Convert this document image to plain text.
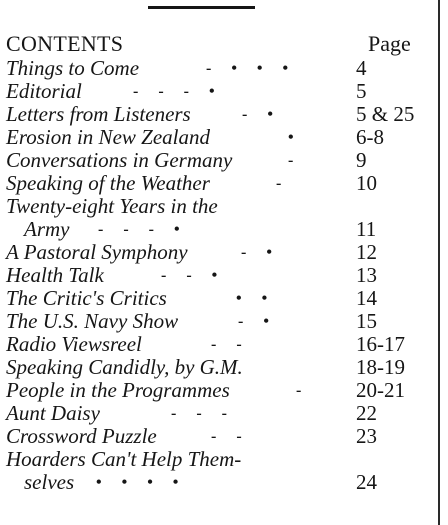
CONTENTS	Page
Things to Come	-     •     •     •	4
Editorial	-     -     -     •	5
Letters from Listeners	-     •	5 & 25
Erosion in New Zealand	•	6-8
Conversations in Germany	-	9
Speaking of the Weather	-	10
Twenty-eight Years in the
Army -     -     -     •	11
A Pastoral Symphony	-     •	12
Health Talk	-     -     •	13
The Critic's Critics	•     •	14
The U.S. Navy Show	-     •	15
Radio Viewsreel	-     -	16-17
Speaking Candidly, by G.M.	18-19
People in the Programmes	-	20-21
Aunt Daisy	-     -     -	22
Crossword Puzzle	-     -	23
Hoarders Can't Help Them-
selves •     •     •     •	24
